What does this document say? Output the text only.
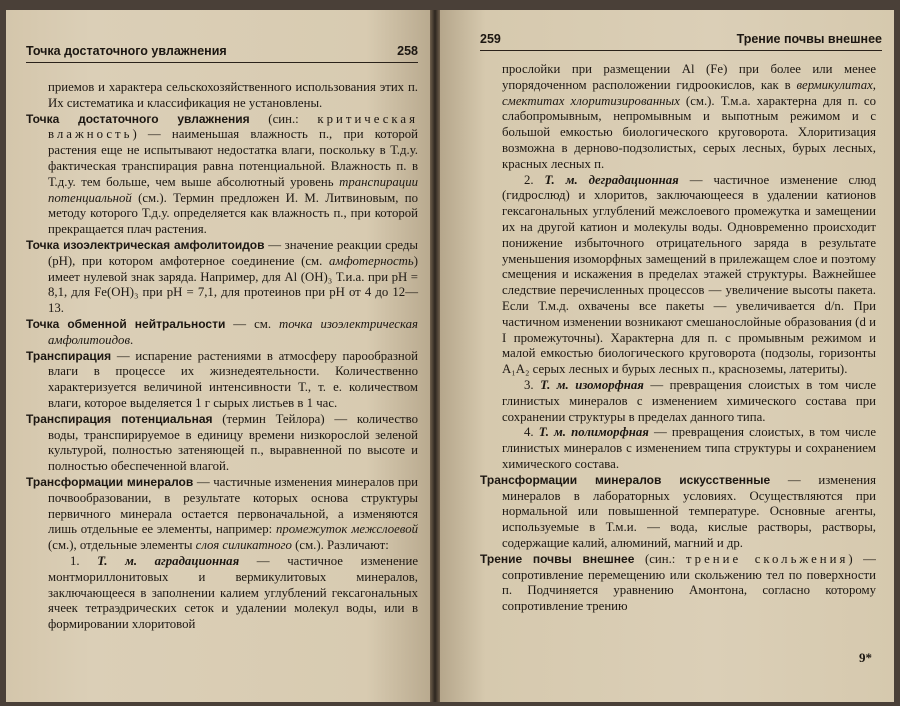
Точка достаточного увлажнения	258

приемов и характера сельскохозяйственного использования этих п. Их систематика и классификация не установлены.

Точка достаточного увлажнения (син.: критическая влажность) — наименьшая влажность п., при которой растения еще не испытывают недостатка влаги, поскольку в Т.д.у. фактическая транспирация равна потенциальной. Влажность п. в Т.д.у. тем больше, чем выше абсолютный уровень транспирации потенциальной (см.). Термин предложен И. М. Литвиновым, по методу которого Т.д.у. определяется как влажность п., при которой прекращается плач растения.

Точка изоэлектрическая амфолитоидов — значение реакции среды (pH), при котором амфотерное соединение (см. амфотерность) имеет нулевой знак заряда. Например, для Al (OH)₃ Т.и.а. при pH = 8,1, для Fe(OH)₃ при pH = 7,1, для протеинов при pH от 4 до 12—13.

Точка обменной нейтральности — см. точка изоэлектрическая амфолитоидов.

Транспирация — испарение растениями в атмосферу парообразной влаги в процессе их жизнедеятельности. Количественно характеризуется величиной интенсивности Т., т. е. количеством влаги, которое выделяется 1 г сырых листьев в 1 час.

Транспирация потенциальная (термин Тейлора) — количество воды, транспирируемое в единицу времени низкорослой зеленой культурой, полностью затеняющей п., выравненной по высоте и полностью обеспеченной влагой.

Трансформации минералов — частичные изменения минералов при почвообразовании, в результате которых основа структуры первичного минерала остается первоначальной, а изменяются лишь отдельные ее элементы, например: промежуток межслоевой (см.), отдельные элементы слоя силикатного (см.). Различают:

1. Т. м. аградационная — частичное изменение монтмориллонитовых и вермикулитовых минералов, заключающееся в заполнении калием углублений гексагональных ячеек тетраэдрических сеток и удалении молекул воды, или в формировании хлоритовой

259	Трение почвы внешнее

прослойки при размещении Al (Fe) при более или менее упорядоченном расположении гидроокислов, как в вермикулитах, смектитах хлоритизированных (см.). Т.м.а. характерна для п. со слабопромывным, непромывным и выпотным режимом и с большой емкостью биологического круговорота. Хлоритизация возможна в дерново-подзолистых, серых лесных, бурых лесных, красных лесных п.

2. Т. м. деградационная — частичное изменение слюд (гидрослюд) и хлоритов, заключающееся в удалении катионов гексагональных углублений межслоевого промежутка и замещении их на другой катион и молекулы воды. Одновременно происходит понижение избыточного отрицательного заряда в результате уменьшения изоморфных замещений в прилежащем слое и поэтому смещения и искажения в пределах этажей структуры. Важнейшее следствие перечисленных процессов — увеличение высоты пакета. Если Т.м.д. охвачены все пакеты — увеличивается d/n. При частичном изменении возникают смешанослойные образования (d и I промежуточны). Характерна для п. с промывным режимом и малой емкостью биологического круговорота (подзолы, горизонты A₁A₂ серых лесных и бурых лесных п., красноземы, латериты).

3. Т. м. изоморфная — превращения слоистых в том числе глинистых минералов с изменением химического состава при сохранении структуры в пределах данного типа.

4. Т. м. полиморфная — превращения слоистых, в том числе глинистых минералов с изменением типа структуры и сохранением химического состава.

Трансформации минералов искусственные — изменения минералов в лабораторных условиях. Осуществляются при нормальной или повышенной температуре. Основные агенты, используемые в Т.м.и. — вода, кислые растворы, растворы, содержащие калий, алюминий, магний и др.

Трение почвы внешнее (син.: трение скольжения) — сопротивление перемещению или скольжению тел по поверхности п. Подчиняется уравнению Амонтона, согласно которому сопротивление трению

9*
